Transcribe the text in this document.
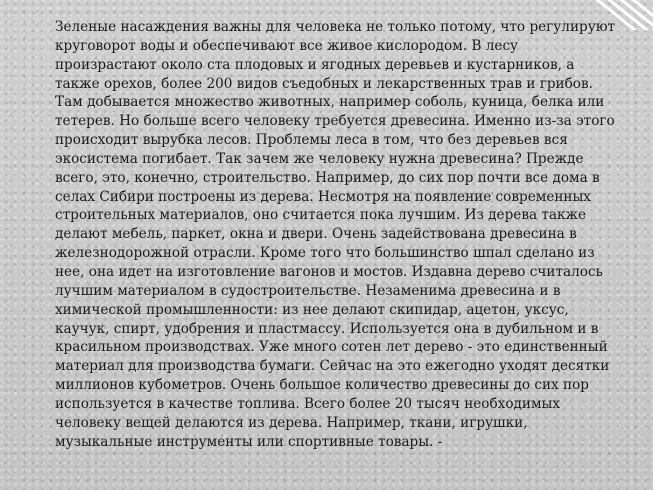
Зеленые насаждения важны для человека не только потому, что регулируют
круговорот воды и обеспечивают все живое кислородом. В лесу
произрастают около ста плодовых и ягодных деревьев и кустарников, а
также орехов, более 200 видов съедобных и лекарственных трав и грибов.
Там добывается множество животных, например соболь, куница, белка или
тетерев. Но больше всего человеку требуется древесина. Именно из-за этого
происходит вырубка лесов. Проблемы леса в том, что без деревьев вся
экосистема погибает. Так зачем же человеку нужна древесина? Прежде
всего, это, конечно, строительство. Например, до сих пор почти все дома в
селах Сибири построены из дерева. Несмотря на появление современных
строительных материалов, оно считается пока лучшим. Из дерева также
делают мебель, паркет, окна и двери. Очень задействована древесина в
железнодорожной отрасли. Кроме того что большинство шпал сделано из
нее, она идет на изготовление вагонов и мостов. Издавна дерево считалось
лучшим материалом в судостроительстве. Незаменима древесина и в
химической промышленности: из нее делают скипидар, ацетон, уксус,
каучук, спирт, удобрения и пластмассу. Используется она в дубильном и в
красильном производствах. Уже много сотен лет дерево - это единственный
материал для производства бумаги. Сейчас на это ежегодно уходят десятки
миллионов кубометров. Очень большое количество древесины до сих пор
используется в качестве топлива. Всего более 20 тысяч необходимых
человеку вещей делаются из дерева. Например, ткани, игрушки,
музыкальные инструменты или спортивные товары. -
